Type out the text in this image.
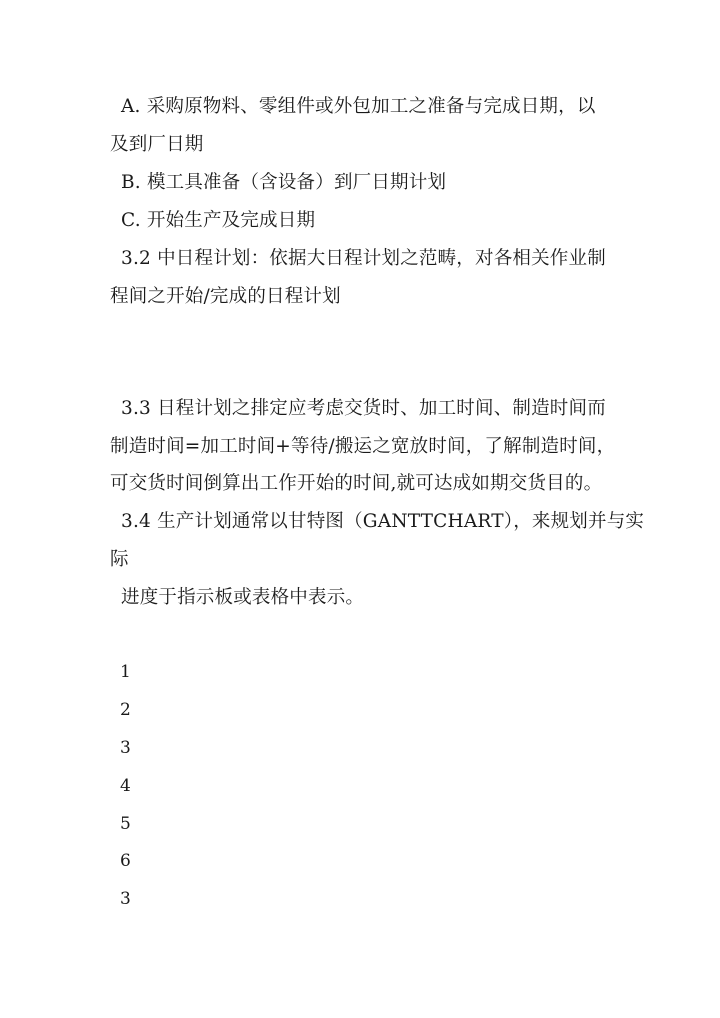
A. 采购原物料、零组件或外包加工之准备与完成日期，以
及到厂日期
B. 模工具准备（含设备）到厂日期计划
C. 开始生产及完成日期
3.2 中日程计划：依据大日程计划之范畴，对各相关作业制
程间之开始/完成的日程计划
3.3 日程计划之排定应考虑交货时、加工时间、制造时间而
制造时间=加工时间+等待/搬运之宽放时间，了解制造时间，
可交货时间倒算出工作开始的时间,就可达成如期交货目的。
3.4 生产计划通常以甘特图（GANTTCHART），来规划并与实
际
进度于指示板或表格中表示。
1
2
3
4
5
6
3
